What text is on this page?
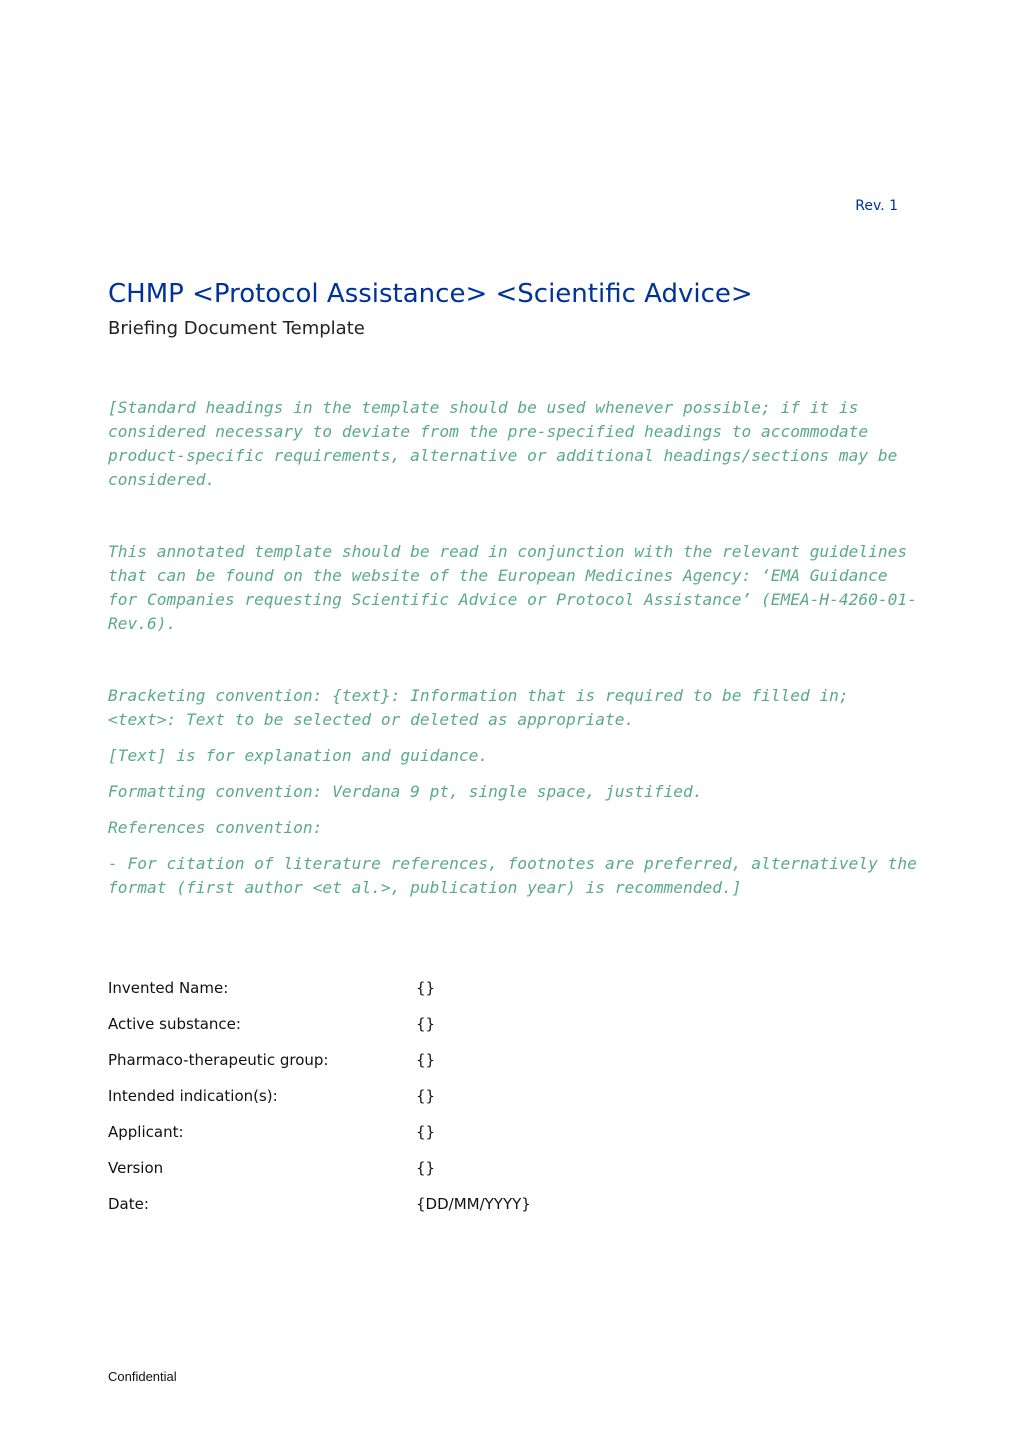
Rev. 1
CHMP <Protocol Assistance> <Scientific Advice>
Briefing Document Template

[Standard headings in the template should be used whenever possible; if it is considered necessary to deviate from the pre-specified headings to accommodate product-specific requirements, alternative or additional headings/sections may be considered.

This annotated template should be read in conjunction with the relevant guidelines that can be found on the website of the European Medicines Agency: ‘EMA Guidance for Companies requesting Scientific Advice or Protocol Assistance’ (EMEA-H-4260-01-Rev.6).

Bracketing convention: {text}: Information that is required to be filled in; <text>: Text to be selected or deleted as appropriate.

[Text] is for explanation and guidance.

Formatting convention: Verdana 9 pt, single space, justified.

References convention:

- For citation of literature references, footnotes are preferred, alternatively the format (first author <et al.>, publication year) is recommended.]

Invented Name:	{}
Active substance:	{}
Pharmaco-therapeutic group:	{}
Intended indication(s):	{}
Applicant:	{}
Version	{}
Date:	{DD/MM/YYYY}
Confidential
